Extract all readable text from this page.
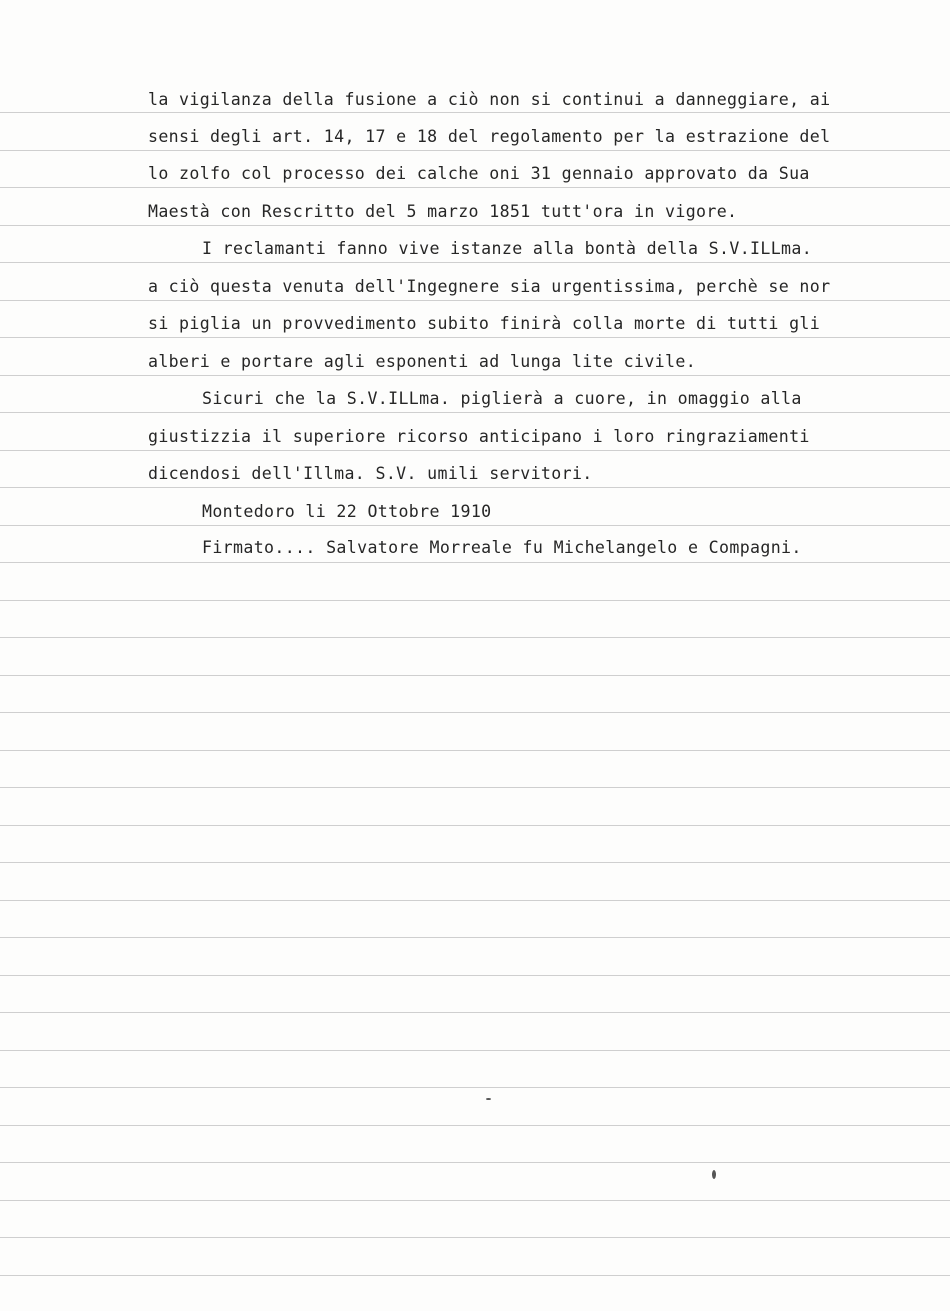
la vigilanza della fusione a ciò non si continui a danneggiare, ai
sensi degli art. 14, 17 e 18 del regolamento per la estrazione del
lo zolfo col processo dei calche oni 31 gennaio approvato da Sua
Maestà con Rescritto del 5 marzo 1851 tutt'ora in vigore.
I reclamanti fanno vive istanze alla bontà della S.V.ILLma.
a ciò questa venuta dell'Ingegnere sia urgentissima, perchè se nor
si piglia un provvedimento subito finirà colla morte di tutti gli
alberi e portare agli esponenti ad lunga lite civile.
Sicuri che la S.V.ILLma. piglierà a cuore, in omaggio alla
giustizzia il superiore ricorso anticipano i loro ringraziamenti
dicendosi dell'Illma. S.V. umili servitori.
Montedoro li 22 Ottobre 1910
Firmato.... Salvatore Morreale fu Michelangelo e Compagni.
